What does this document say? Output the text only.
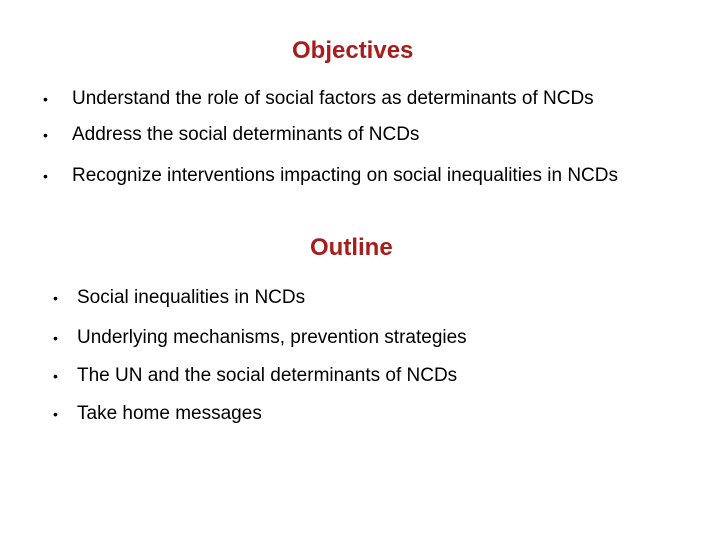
Objectives
• Understand the role of social factors as determinants of NCDs
• Address the social determinants of NCDs
• Recognize interventions impacting on social inequalities in NCDs
Outline
• Social inequalities in NCDs
• Underlying mechanisms, prevention strategies
• The UN and the social determinants of NCDs
• Take home messages
